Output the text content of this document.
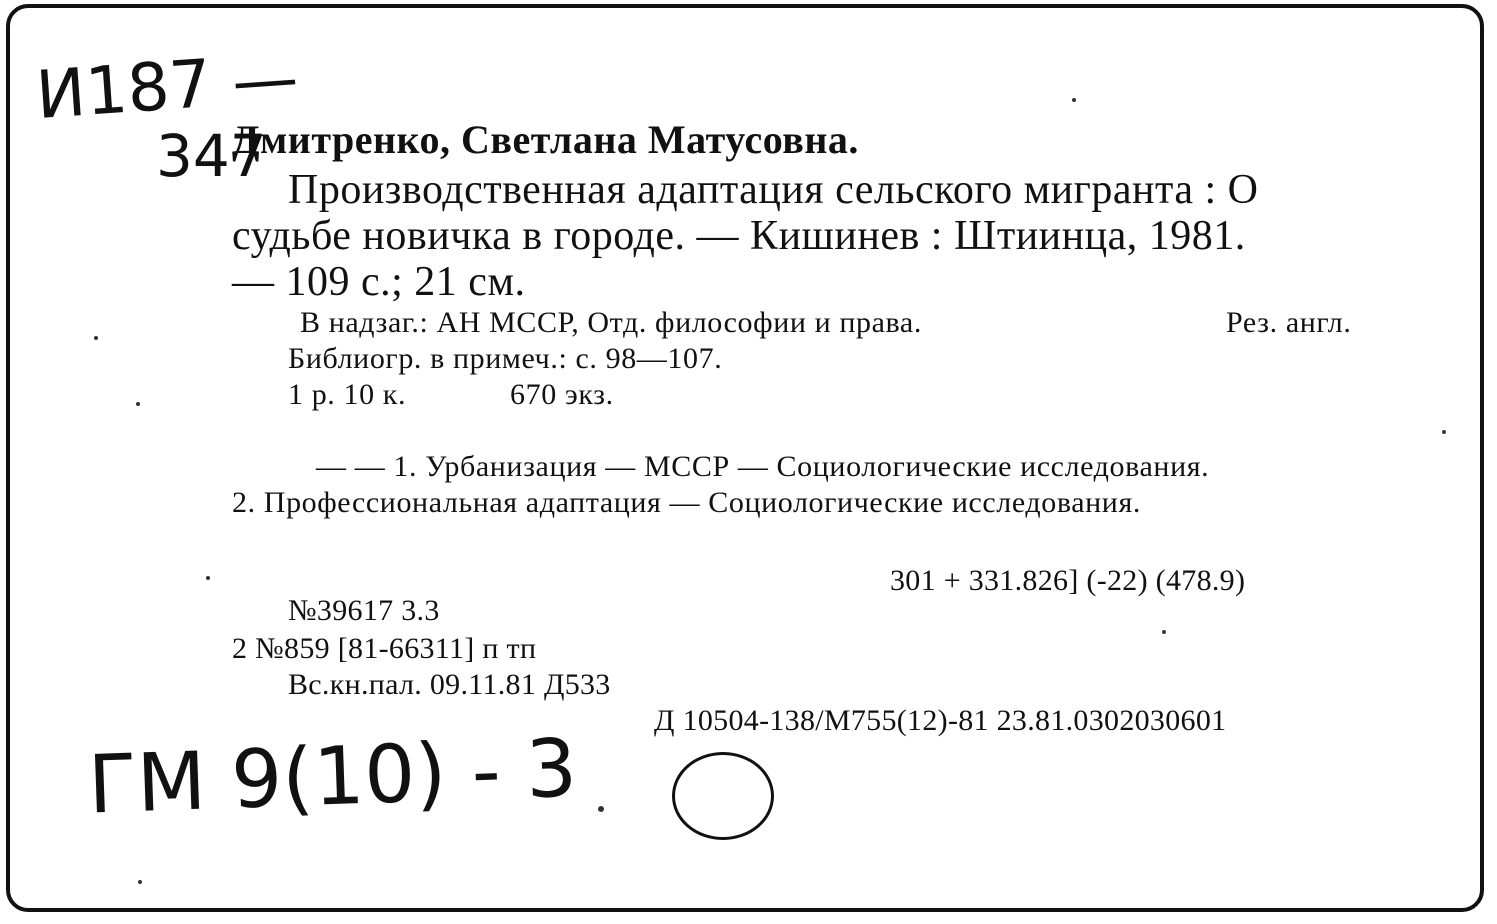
И187 —
347
ГМ 9(10) - 3
Дмитренко, Светлана Матусовна.
Производственная адаптация сельского мигранта : О
судьбе новичка в городе. — Кишинев : Штиинца, 1981.
— 109 с.; 21 см.
В надзаг.: АН МССР, Отд. философии и права.	Рез. англ.
Библиогр. в примеч.: с. 98—107.
1 р. 10 к.	670 экз.
— — 1. Урбанизация — МССР — Социологические исследования.
2. Профессиональная адаптация — Социологические исследования.
301 + 331.826] (-22) (478.9)
№39617 3.3
2 №859 [81-66311] п тп
Вс.кн.пал. 09.11.81 Д533
Д 10504-138/М755(12)-81 23.81.0302030601
